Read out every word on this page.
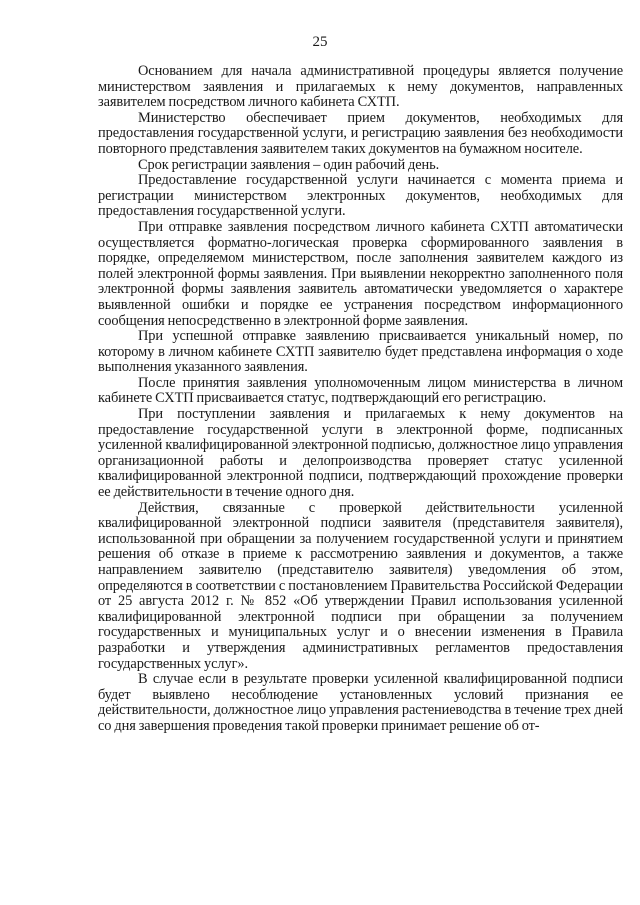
25

Основанием для начала административной процедуры является получение министерством заявления и прилагаемых к нему документов, направленных заявителем посредством личного кабинета СХТП.

Министерство обеспечивает прием документов, необходимых для предоставления государственной услуги, и регистрацию заявления без необходимости повторного представления заявителем таких документов на бумажном носителе.

Срок регистрации заявления – один рабочий день.

Предоставление государственной услуги начинается с момента приема и регистрации министерством электронных документов, необходимых для предоставления государственной услуги.

При отправке заявления посредством личного кабинета СХТП автоматически осуществляется форматно-логическая проверка сформированного заявления в порядке, определяемом министерством, после заполнения заявителем каждого из полей электронной формы заявления. При выявлении некорректно заполненного поля электронной формы заявления заявитель автоматически уведомляется о характере выявленной ошибки и порядке ее устранения посредством информационного сообщения непосредственно в электронной форме заявления.

При успешной отправке заявлению присваивается уникальный номер, по которому в личном кабинете СХТП заявителю будет представлена информация о ходе выполнения указанного заявления.

После принятия заявления уполномоченным лицом министерства в личном кабинете СХТП присваивается статус, подтверждающий его регистрацию.

При поступлении заявления и прилагаемых к нему документов на предоставление государственной услуги в электронной форме, подписанных усиленной квалифицированной электронной подписью, должностное лицо управления организационной работы и делопроизводства проверяет статус усиленной квалифицированной электронной подписи, подтверждающий прохождение проверки ее действительности в течение одного дня.

Действия, связанные с проверкой действительности усиленной квалифицированной электронной подписи заявителя (представителя заявителя), использованной при обращении за получением государственной услуги и принятием решения об отказе в приеме к рассмотрению заявления и документов, а также направлением заявителю (представителю заявителя) уведомления об этом, определяются в соответствии с постановлением Правительства Российской Федерации от 25 августа 2012 г. № 852 «Об утверждении Правил использования усиленной квалифицированной электронной подписи при обращении за получением государственных и муниципальных услуг и о внесении изменения в Правила разработки и утверждения административных регламентов предоставления государственных услуг».

В случае если в результате проверки усиленной квалифицированной подписи будет выявлено несоблюдение установленных условий признания ее действительности, должностное лицо управления растениеводства в течение трех дней со дня завершения проведения такой проверки принимает решение об от-
